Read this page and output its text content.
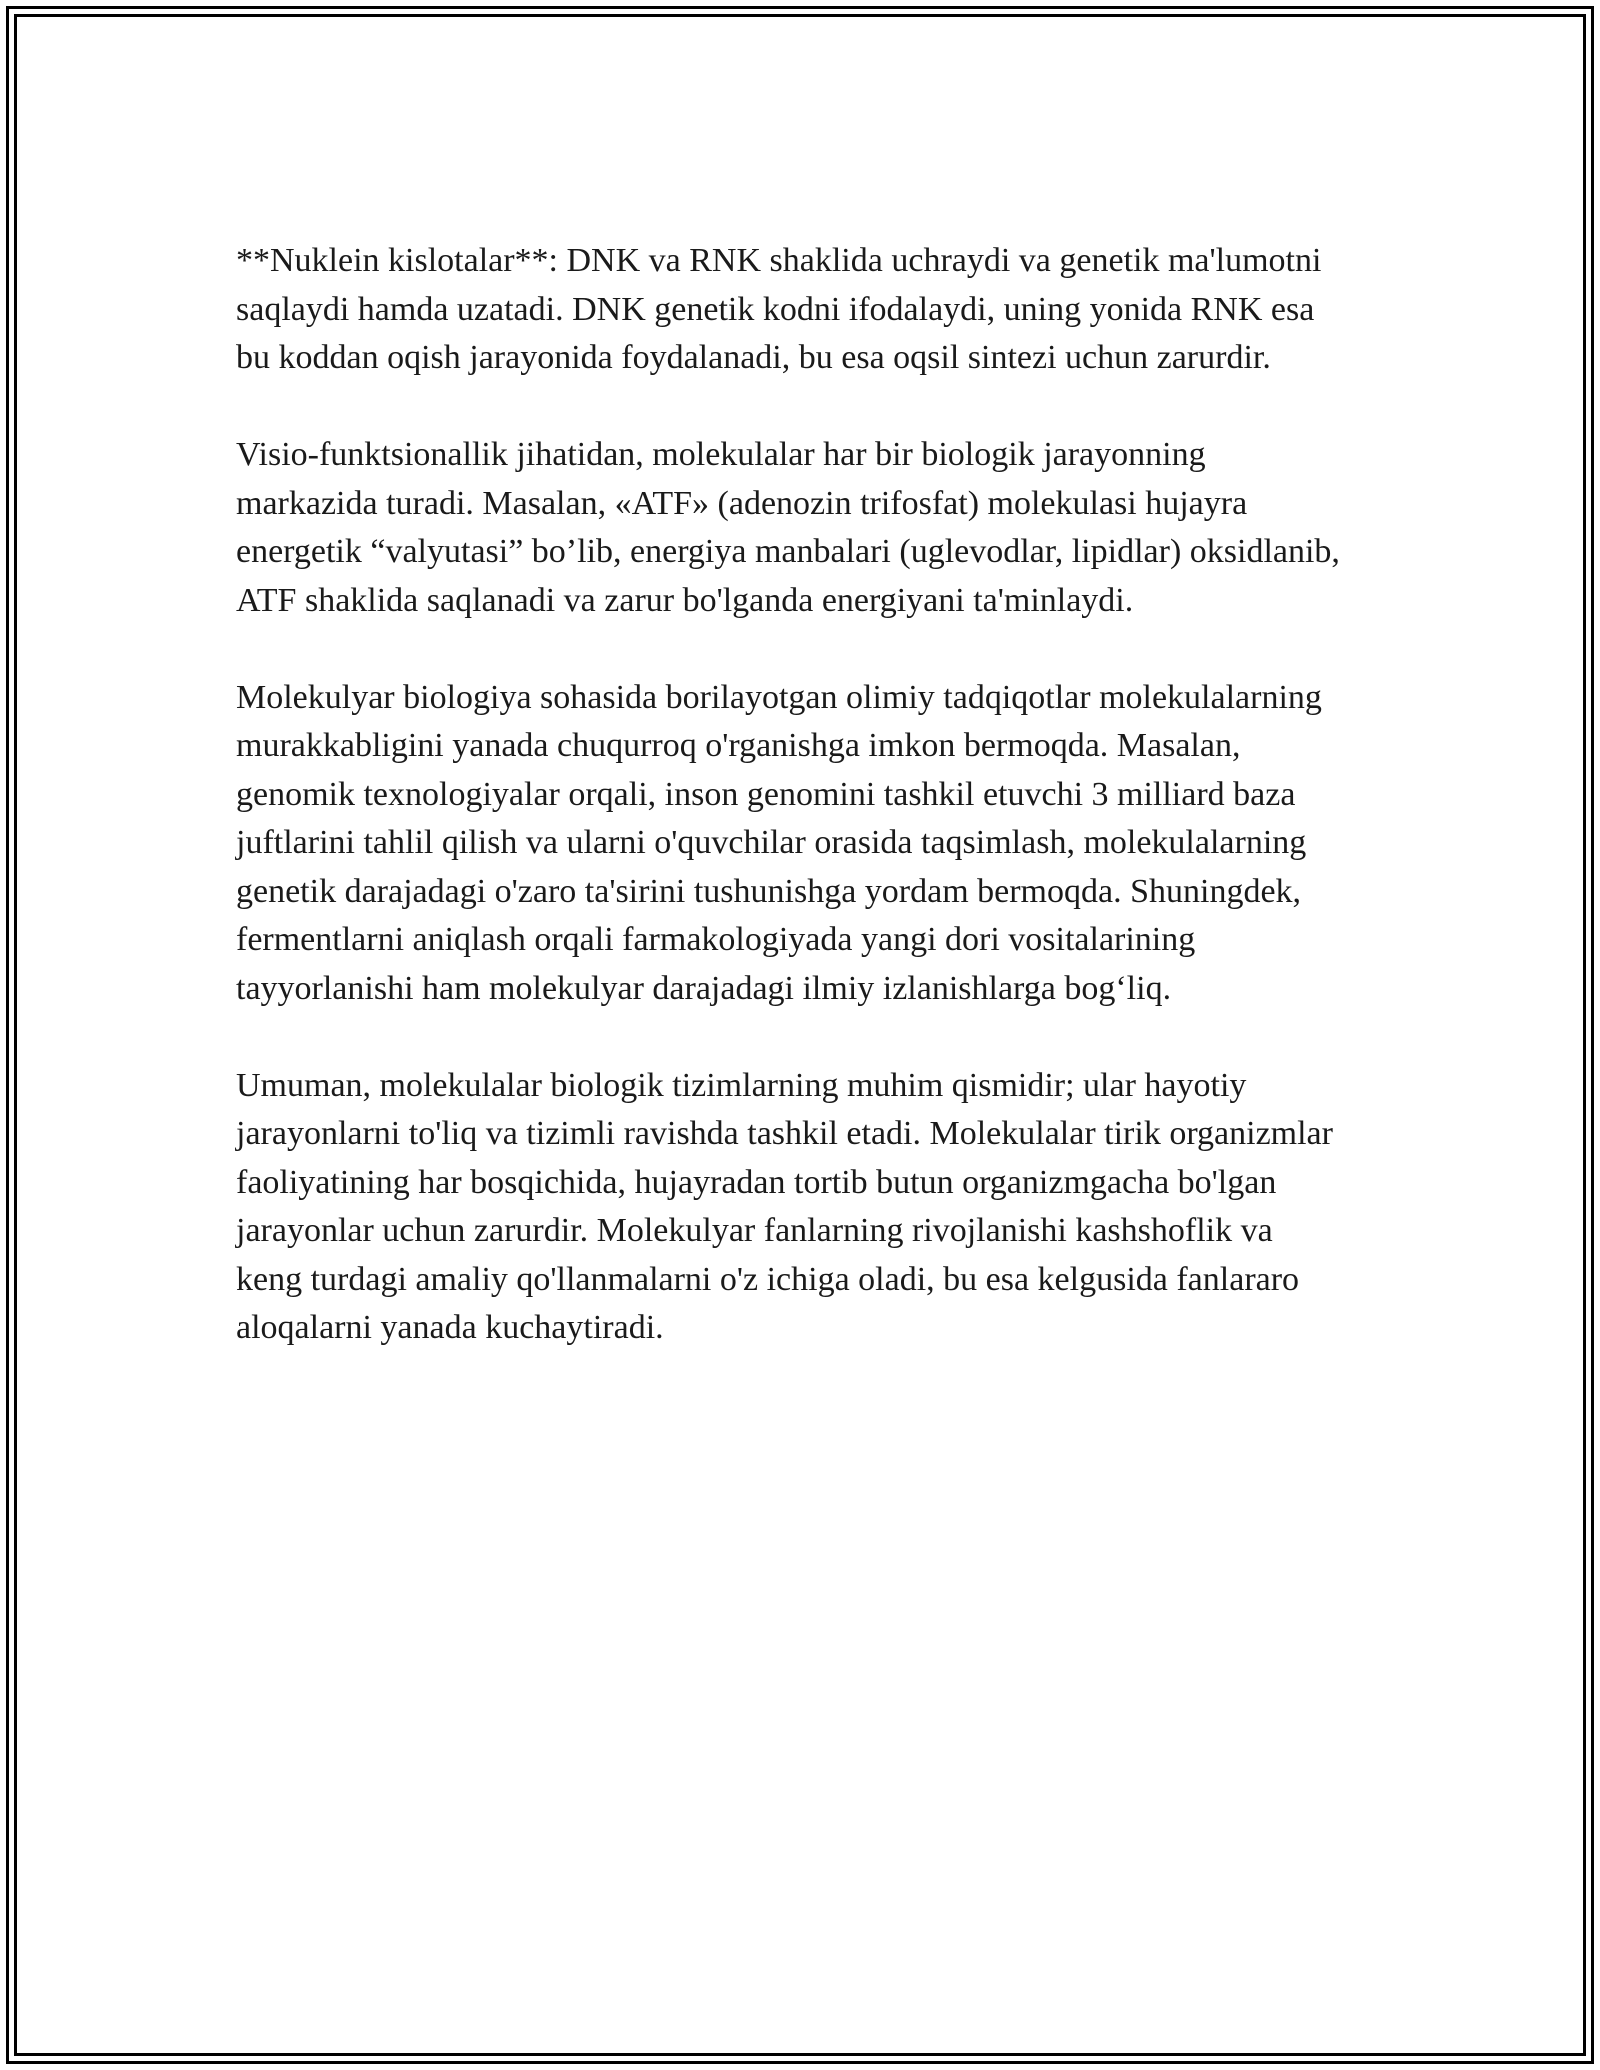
**Nuklein kislotalar**: DNK va RNK shaklida uchraydi va genetik ma'lumotni saqlaydi hamda uzatadi. DNK genetik kodni ifodalaydi, uning yonida RNK esa bu koddan oqish jarayonida foydalanadi, bu esa oqsil sintezi uchun zarurdir.

Visio-funktsionallik jihatidan, molekulalar har bir biologik jarayonning markazida turadi. Masalan, «ATF» (adenozin trifosfat) molekulasi hujayra energetik “valyutasi” bo’lib, energiya manbalari (uglevodlar, lipidlar) oksidlanib, ATF shaklida saqlanadi va zarur bo'lganda energiyani ta'minlaydi.

Molekulyar biologiya sohasida borilayotgan olimiy tadqiqotlar molekulalarning murakkabligini yanada chuqurroq o'rganishga imkon bermoqda. Masalan, genomik texnologiyalar orqali, inson genomini tashkil etuvchi 3 milliard baza juftlarini tahlil qilish va ularni o'quvchilar orasida taqsimlash, molekulalarning genetik darajadagi o'zaro ta'sirini tushunishga yordam bermoqda. Shuningdek, fermentlarni aniqlash orqali farmakologiyada yangi dori vositalarining tayyorlanishi ham molekulyar darajadagi ilmiy izlanishlarga bog‘liq.

Umuman, molekulalar biologik tizimlarning muhim qismidir; ular hayotiy jarayonlarni to'liq va tizimli ravishda tashkil etadi. Molekulalar tirik organizmlar faoliyatining har bosqichida, hujayradan tortib butun organizmgacha bo'lgan jarayonlar uchun zarurdir. Molekulyar fanlarning rivojlanishi kashshoflik va keng turdagi amaliy qo'llanmalarni o'z ichiga oladi, bu esa kelgusida fanlararo aloqalarni yanada kuchaytiradi.
